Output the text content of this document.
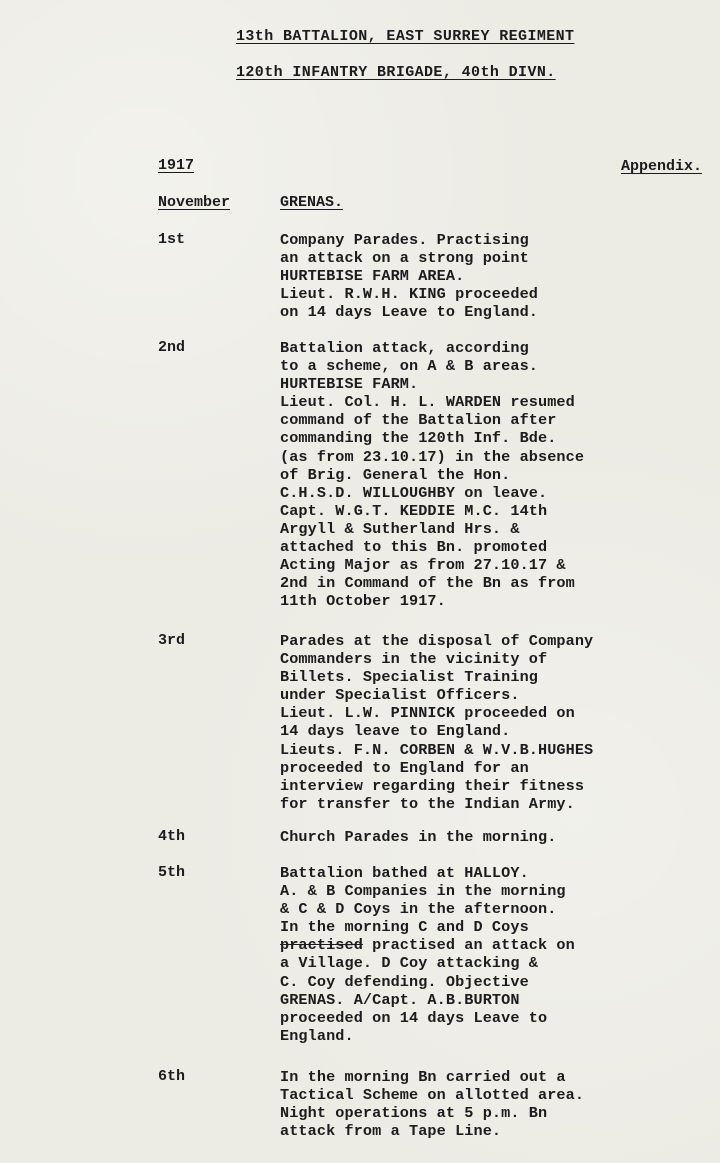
13th BATTALION, EAST SURREY REGIMENT
120th INFANTRY BRIGADE, 40th DIVN.
1917	Appendix.
November	GRENAS.
1st	Company Parades. Practising
an attack on a strong point
HURTEBISE FARM AREA.
Lieut. R.W.H. KING proceeded
on 14 days Leave to England.
2nd	Battalion attack, according
to a scheme, on A & B areas.
HURTEBISE FARM.
Lieut. Col. H. L. WARDEN resumed
command of the Battalion after
commanding the 120th Inf. Bde.
(as from 23.10.17) in the absence
of Brig. General the Hon.
C.H.S.D. WILLOUGHBY on leave.
Capt. W.G.T. KEDDIE M.C. 14th
Argyll & Sutherland Hrs. &
attached to this Bn. promoted
Acting Major as from 27.10.17 &
2nd in Command of the Bn as from
11th October 1917.
3rd	Parades at the disposal of Company
Commanders in the vicinity of
Billets. Specialist Training
under Specialist Officers.
Lieut. L.W. PINNICK proceeded on
14 days leave to England.
Lieuts. F.N. CORBEN & W.V.B.HUGHES
proceeded to England for an
interview regarding their fitness
for transfer to the Indian Army.
4th	Church Parades in the morning.
5th	Battalion bathed at HALLOY.
A. & B Companies in the morning
& C & D Coys in the afternoon.
In the morning C and D Coys
practised practised an attack on
a Village. D Coy attacking &
C. Coy defending. Objective
GRENAS. A/Capt. A.B.BURTON
proceeded on 14 days Leave to
England.
6th	In the morning Bn carried out a
Tactical Scheme on allotted area.
Night operations at 5 p.m. Bn
attack from a Tape Line.
